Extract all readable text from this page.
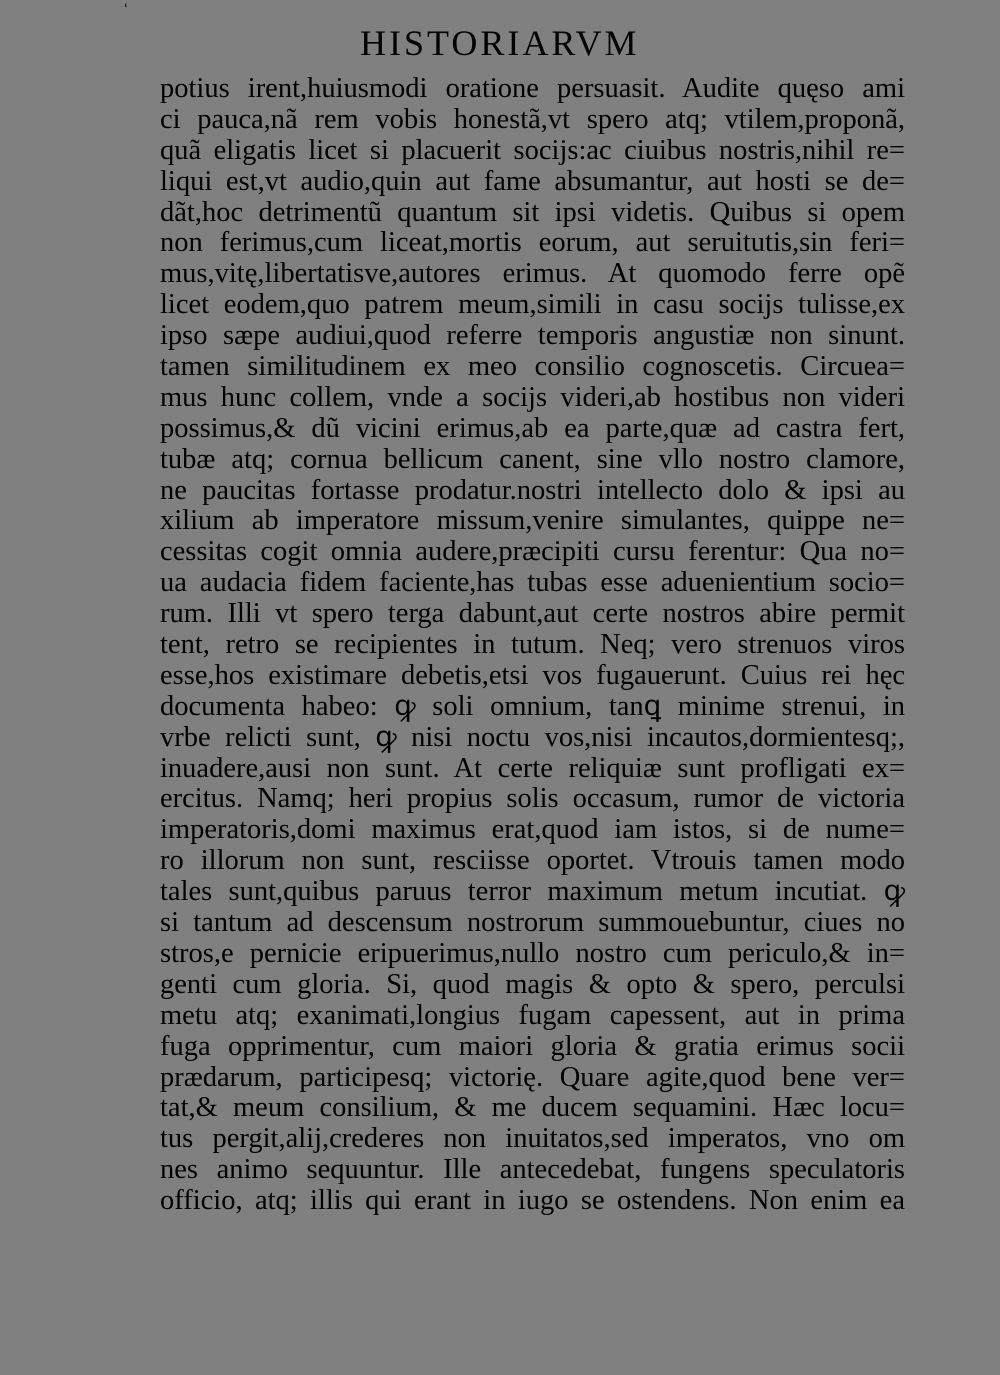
'
HISTORIARVM
potius irent,huiusmodi oratione persuasit. Audite quęso ami
ci pauca,nã rem vobis honestã,vt spero atq; vtilem,proponã,
quã eligatis licet si placuerit socijs:ac ciuibus nostris,nihil re=
liqui est,vt audio,quin aut fame absumantur, aut hosti se de=
dãt,hoc detrimentũ quantum sit ipsi videtis. Quibus si opem
non ferimus,cum liceat,mortis eorum, aut seruitutis,sin feri=
mus,vitę,libertatisve,autores erimus. At quomodo ferre opẽ
licet eodem,quo patrem meum,simili in casu socijs tulisse,ex
ipso sæpe audiui,quod referre temporis angustiæ non sinunt.
tamen similitudinem ex meo consilio cognoscetis. Circuea=
mus hunc collem, vnde a socijs videri,ab hostibus non videri
possimus,& dũ vicini erimus,ab ea parte,quæ ad castra fert,
tubæ atq; cornua bellicum canent, sine vllo nostro clamore,
ne paucitas fortasse prodatur.nostri intellecto dolo & ipsi au
xilium ab imperatore missum,venire simulantes, quippe ne=
cessitas cogit omnia audere,præcipiti cursu ferentur: Qua no=
ua audacia fidem faciente,has tubas esse aduenientium socio=
rum. Illi vt spero terga dabunt,aut certe nostros abire permit
tent, retro se recipientes in tutum. Neq; vero strenuos viros
esse,hos existimare debetis,etsi vos fugauerunt. Cuius rei hęc
documenta habeo: ꝙ soli omnium, tanꝗ minime strenui, in
vrbe relicti sunt, ꝙ nisi noctu vos,nisi incautos,dormientesq;,
inuadere,ausi non sunt. At certe reliquiæ sunt profligati ex=
ercitus. Namq; heri propius solis occasum, rumor de victoria
imperatoris,domi maximus erat,quod iam istos, si de nume=
ro illorum non sunt, resciisse oportet. Vtrouis tamen modo
tales sunt,quibus paruus terror maximum metum incutiat. ꝙ
si tantum ad descensum nostrorum summouebuntur, ciues no
stros,e pernicie eripuerimus,nullo nostro cum periculo,& in=
genti cum gloria. Si, quod magis & opto & spero, perculsi
metu atq; exanimati,longius fugam capessent, aut in prima
fuga opprimentur, cum maiori gloria & gratia erimus socii
prædarum, participesq; victorię. Quare agite,quod bene ver=
tat,& meum consilium, & me ducem sequamini. Hæc locu=
tus pergit,alij,crederes non inuitatos,sed imperatos, vno om
nes animo sequuntur. Ille antecedebat, fungens speculatoris
officio, atq; illis qui erant in iugo se ostendens. Non enim ea
